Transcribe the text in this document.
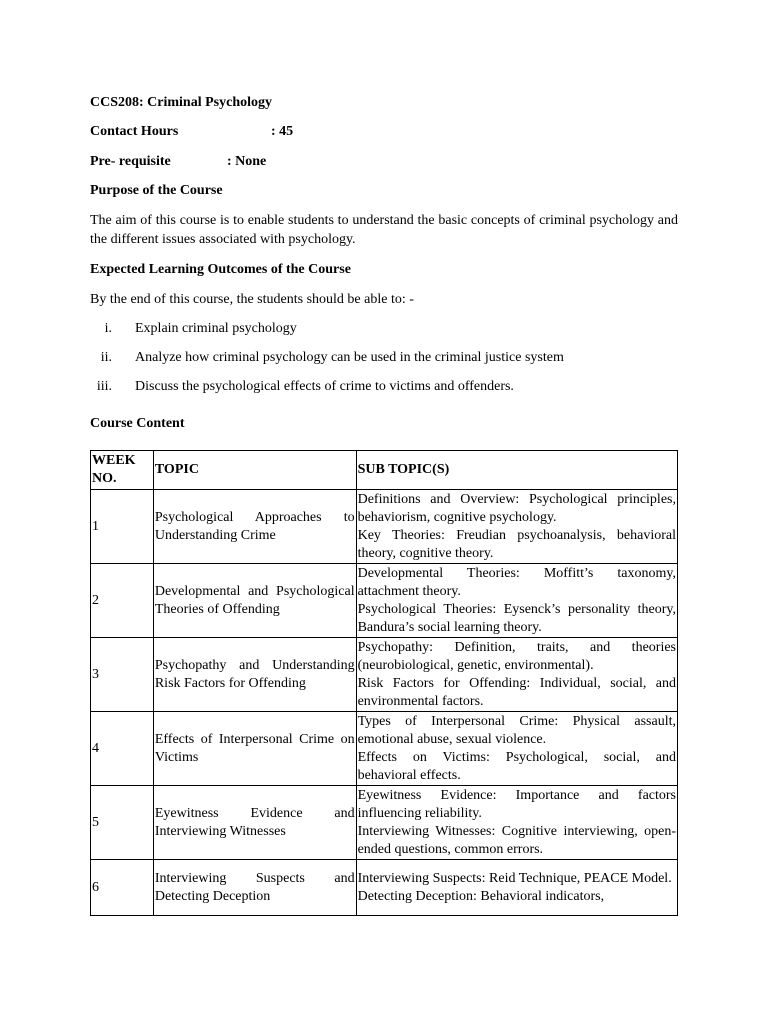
CCS208: Criminal Psychology
Contact Hours	: 45
Pre- requisite	: None
Purpose of the Course
The aim of this course is to enable students to understand the basic concepts of criminal psychology and the different issues associated with psychology.
Expected Learning Outcomes of the Course
By the end of this course, the students should be able to: -
i. Explain criminal psychology
ii. Analyze how criminal psychology can be used in the criminal justice system
iii. Discuss the psychological effects of crime to victims and offenders.
Course Content
WEEK NO.	TOPIC	SUB TOPIC(S)
1	Psychological Approaches to Understanding Crime	Definitions and Overview: Psychological principles, behaviorism, cognitive psychology.
Key Theories: Freudian psychoanalysis, behavioral theory, cognitive theory.

2	Developmental and Psychological Theories of Offending	Developmental Theories: Moffitt’s taxonomy, attachment theory.
Psychological Theories: Eysenck’s personality theory, Bandura’s social learning theory.

3	Psychopathy and Understanding Risk Factors for Offending	Psychopathy: Definition, traits, and theories (neurobiological, genetic, environmental).
Risk Factors for Offending: Individual, social, and environmental factors.

4	Effects of Interpersonal Crime on Victims	Types of Interpersonal Crime: Physical assault, emotional abuse, sexual violence.
Effects on Victims: Psychological, social, and behavioral effects.

5	Eyewitness Evidence and Interviewing Witnesses	Eyewitness Evidence: Importance and factors influencing reliability.
Interviewing Witnesses: Cognitive interviewing, open-ended questions, common errors.

6	Interviewing Suspects and Detecting Deception	Interviewing Suspects: Reid Technique, PEACE Model.
Detecting Deception: Behavioral indicators,
